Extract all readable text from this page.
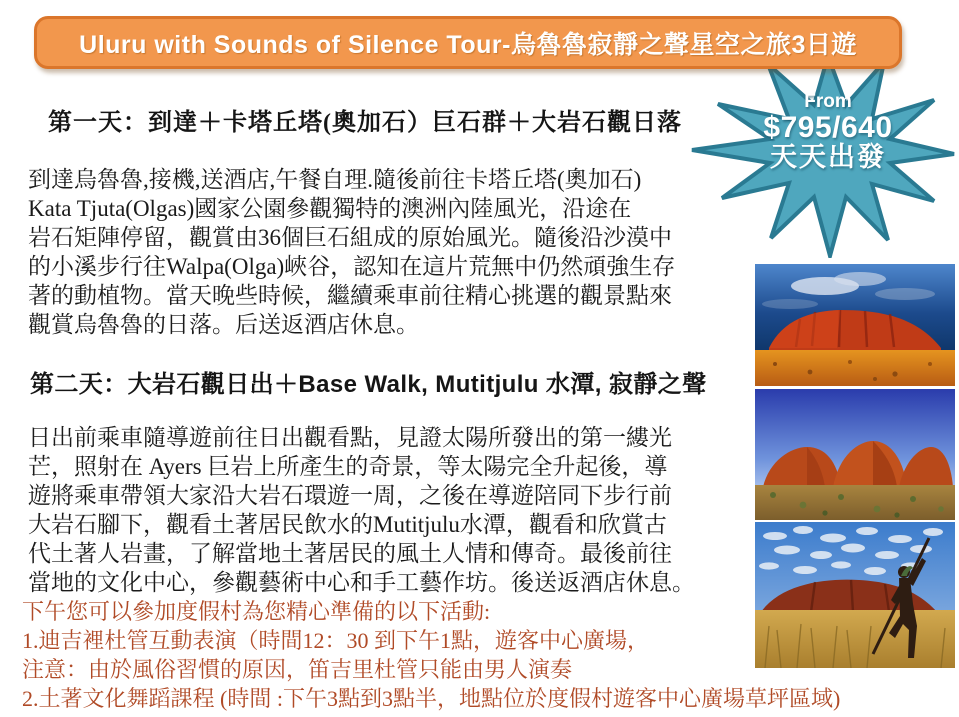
Uluru with Sounds of Silence Tour-烏魯魯寂靜之聲星空之旅3日遊
From
$795/640
天天出發
第一天：到達＋卡塔丘塔(奧加石）巨石群＋大岩石觀日落
到達烏魯魯,接機,送酒店,午餐自理.隨後前往卡塔丘塔(奧加石)
Kata Tjuta(Olgas)國家公園參觀獨特的澳洲內陸風光，沿途在
岩石矩陣停留，觀賞由36個巨石組成的原始風光。隨後沿沙漠中
的小溪步行往Walpa(Olga)峽谷，認知在這片荒無中仍然頑強生存
著的動植物。當天晚些時候，繼續乘車前往精心挑選的觀景點來
觀賞烏魯魯的日落。后送返酒店休息。
第二天：大岩石觀日出＋Base Walk, Mutitjulu 水潭, 寂靜之聲
日出前乘車隨導遊前往日出觀看點，見證太陽所發出的第一縷光
芒，照射在 Ayers 巨岩上所產生的奇景，等太陽完全升起後，導
遊將乘車帶領大家沿大岩石環遊一周，之後在導遊陪同下步行前
大岩石腳下，觀看土著居民飲水的Mutitjulu水潭，觀看和欣賞古
代土著人岩畫，了解當地土著居民的風土人情和傳奇。最後前往
當地的文化中心，參觀藝術中心和手工藝作坊。後送返酒店休息。
下午您可以參加度假村為您精心準備的以下活動:
1.迪吉裡杜管互動表演（時間12：30 到下午1點，遊客中心廣場，
注意：由於風俗習慣的原因，笛吉里杜管只能由男人演奏
2.土著文化舞蹈課程 (時間 :下午3點到3點半，地點位於度假村遊客中心廣場草坪區域)
